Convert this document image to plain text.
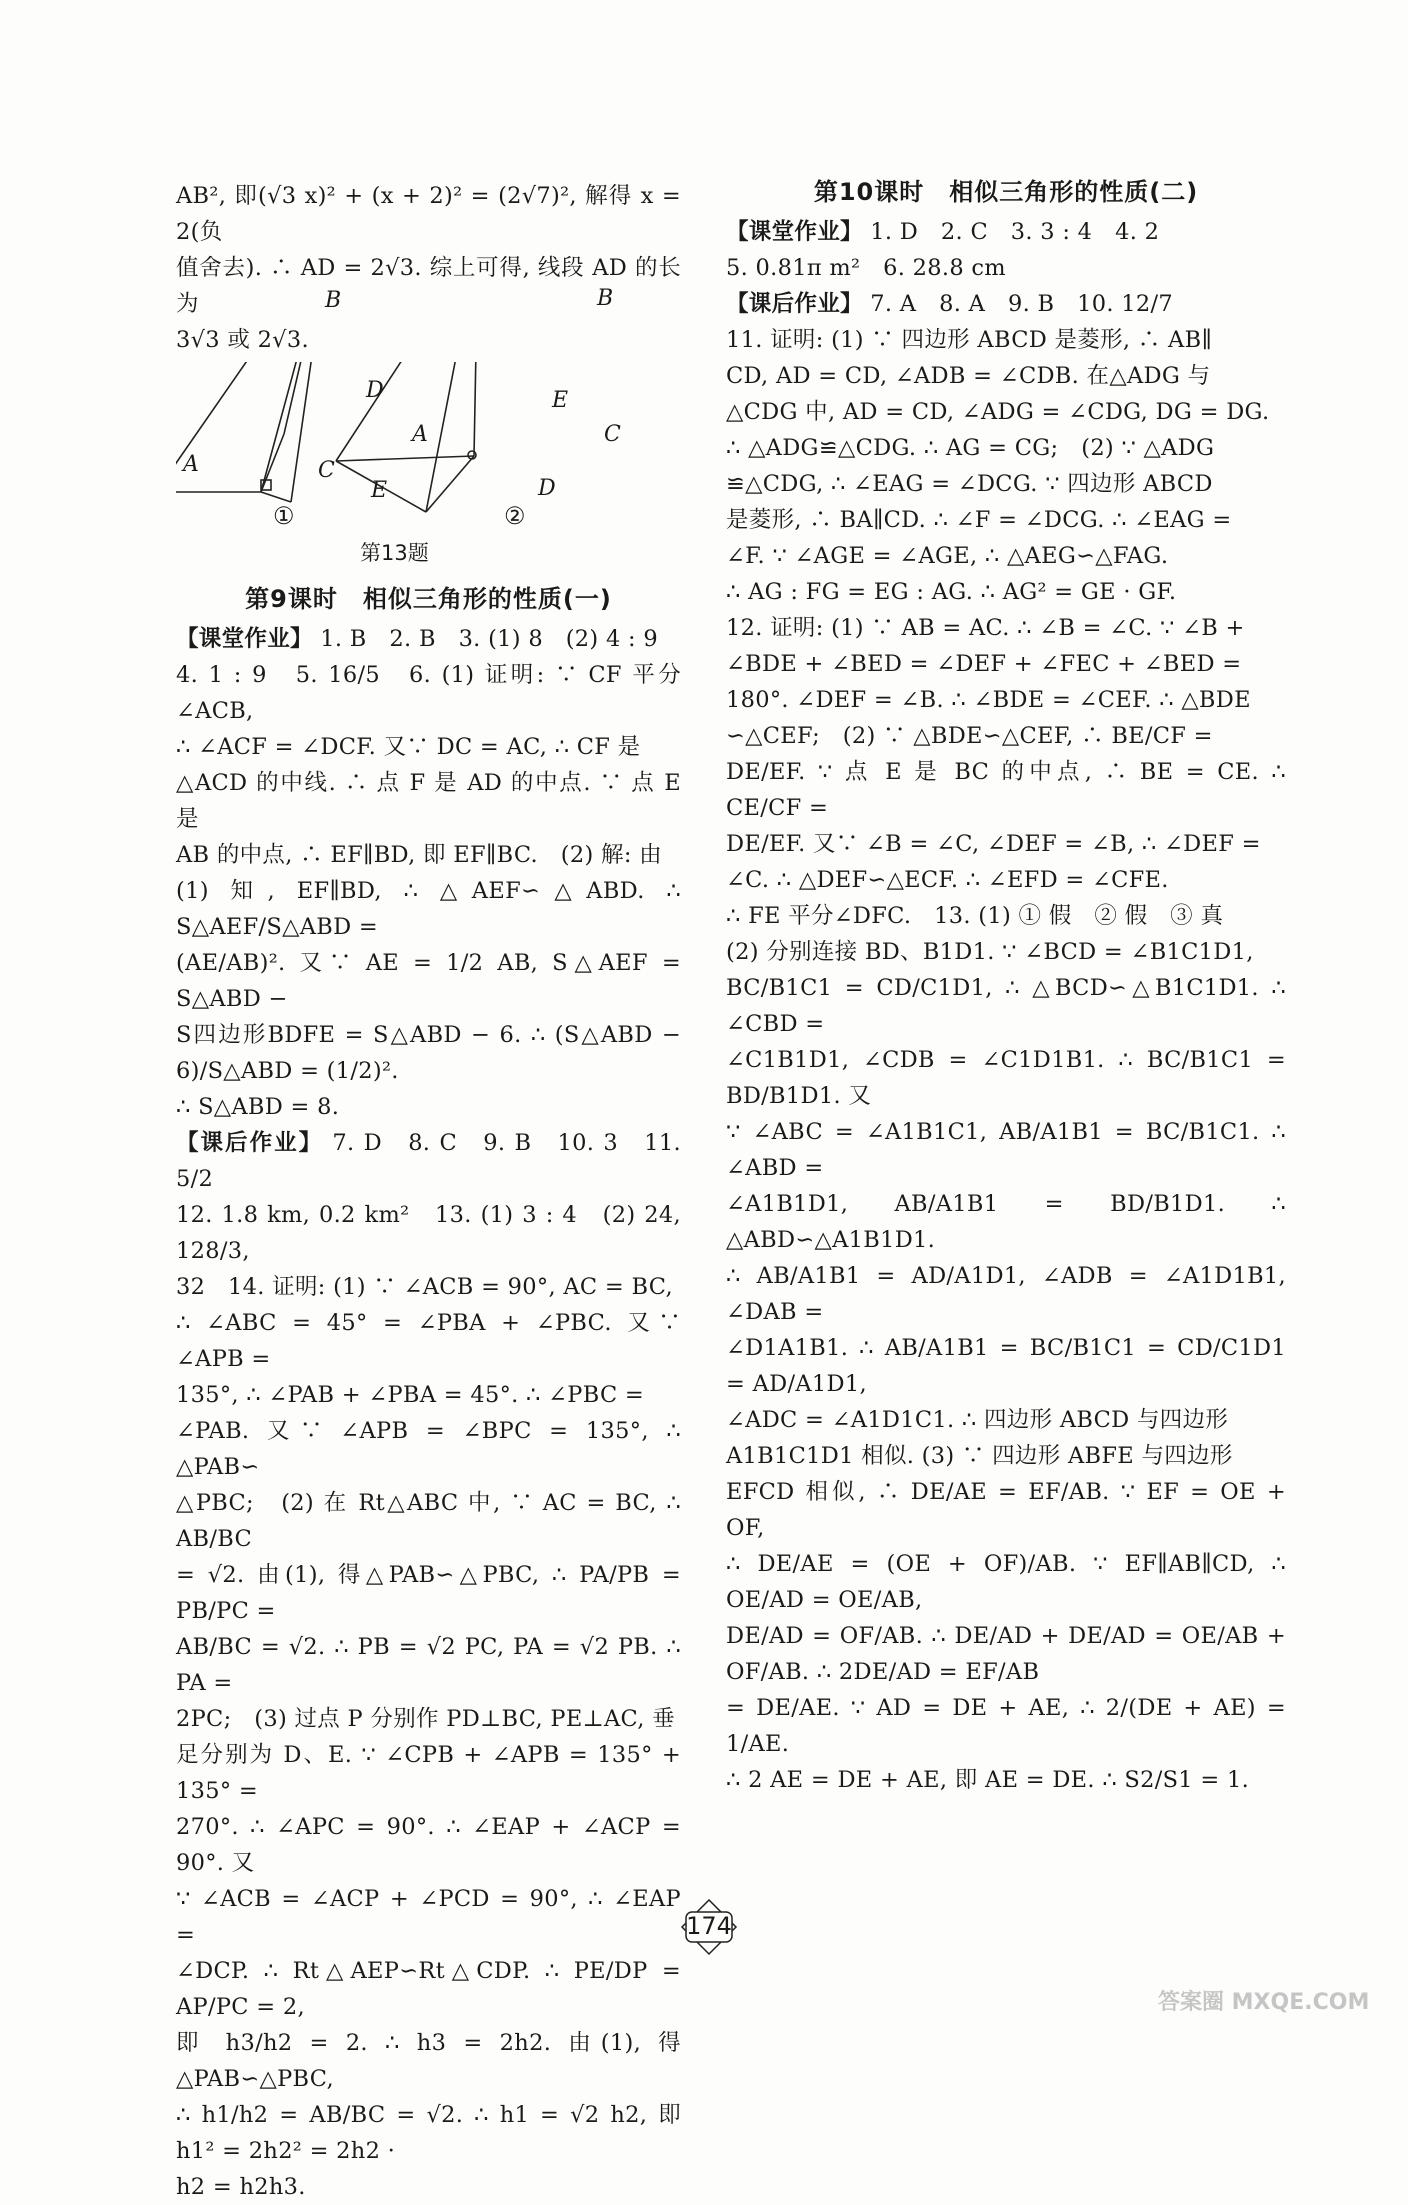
AB², 即(√3 x)² + (x + 2)² = (2√7)², 解得 x = 2(负

值舍去). ∴ AD = 2√3. 综上可得, 线段 AD 的长为

3√3 或 2√3.

B
A	C
D
E
B
A	C
D
E
①	②
第13题
第9课时　相似三角形的性质(一)

【课堂作业】 1. B　2. B　3. (1) 8　(2) 4 : 9

4. 1 : 9　5. 16/5　6. (1) 证明: ∵ CF 平分∠ACB,

∴ ∠ACF = ∠DCF. 又∵ DC = AC, ∴ CF 是

△ACD 的中线. ∴ 点 F 是 AD 的中点. ∵ 点 E 是

AB 的中点, ∴ EF∥BD, 即 EF∥BC.　(2) 解: 由

(1) 知, EF∥BD, ∴ △AEF∽△ABD. ∴ S△AEF/S△ABD =

(AE/AB)². 又∵ AE = 1/2 AB, S△AEF = S△ABD −

S四边形BDFE = S△ABD − 6. ∴ (S△ABD − 6)/S△ABD = (1/2)².

∴ S△ABD = 8.

【课后作业】 7. D　8. C　9. B　10. 3　11. 5/2

12. 1.8 km, 0.2 km²　13. (1) 3 : 4　(2) 24, 128/3,

32　14. 证明: (1) ∵ ∠ACB = 90°, AC = BC,

∴ ∠ABC = 45° = ∠PBA + ∠PBC. 又∵ ∠APB =

135°, ∴ ∠PAB + ∠PBA = 45°. ∴ ∠PBC =

∠PAB. 又∵ ∠APB = ∠BPC = 135°, ∴ △PAB∽

△PBC;　(2) 在 Rt△ABC 中, ∵ AC = BC, ∴ AB/BC

= √2. 由(1), 得△PAB∽△PBC, ∴ PA/PB = PB/PC =

AB/BC = √2. ∴ PB = √2 PC, PA = √2 PB. ∴ PA =

2PC;　(3) 过点 P 分别作 PD⊥BC, PE⊥AC, 垂

足分别为 D、E. ∵ ∠CPB + ∠APB = 135° + 135° =

270°. ∴ ∠APC = 90°. ∴ ∠EAP + ∠ACP = 90°. 又

∵ ∠ACB = ∠ACP + ∠PCD = 90°, ∴ ∠EAP =

∠DCP. ∴ Rt△AEP∽Rt△CDP. ∴ PE/DP = AP/PC = 2,

即 h3/h2 = 2. ∴ h3 = 2h2. 由(1), 得△PAB∽△PBC,

∴ h1/h2 = AB/BC = √2. ∴ h1 = √2 h2, 即 h1² = 2h2² = 2h2 ·

h2 = h2h3.

第10课时　相似三角形的性质(二)

【课堂作业】 1. D　2. C　3. 3 : 4　4. 2

5. 0.81π m²　6. 28.8 cm

【课后作业】 7. A　8. A　9. B　10. 12/7

11. 证明: (1) ∵ 四边形 ABCD 是菱形, ∴ AB∥

CD, AD = CD, ∠ADB = ∠CDB. 在△ADG 与

△CDG 中, AD = CD, ∠ADG = ∠CDG, DG = DG.

∴ △ADG≌△CDG. ∴ AG = CG;　(2) ∵ △ADG

≌△CDG, ∴ ∠EAG = ∠DCG. ∵ 四边形 ABCD

是菱形, ∴ BA∥CD. ∴ ∠F = ∠DCG. ∴ ∠EAG =

∠F. ∵ ∠AGE = ∠AGE, ∴ △AEG∽△FAG.

∴ AG : FG = EG : AG. ∴ AG² = GE · GF.

12. 证明: (1) ∵ AB = AC. ∴ ∠B = ∠C. ∵ ∠B +

∠BDE + ∠BED = ∠DEF + ∠FEC + ∠BED =

180°. ∠DEF = ∠B. ∴ ∠BDE = ∠CEF. ∴ △BDE

∽△CEF;　(2) ∵ △BDE∽△CEF, ∴ BE/CF =

DE/EF. ∵ 点 E 是 BC 的中点, ∴ BE = CE. ∴ CE/CF =

DE/EF. 又∵ ∠B = ∠C, ∠DEF = ∠B, ∴ ∠DEF =

∠C. ∴ △DEF∽△ECF. ∴ ∠EFD = ∠CFE.

∴ FE 平分∠DFC.　13. (1) ① 假　② 假　③ 真

(2) 分别连接 BD、B1D1. ∵ ∠BCD = ∠B1C1D1,

BC/B1C1 = CD/C1D1, ∴ △BCD∽△B1C1D1. ∴ ∠CBD =

∠C1B1D1, ∠CDB = ∠C1D1B1. ∴ BC/B1C1 = BD/B1D1. 又

∵ ∠ABC = ∠A1B1C1, AB/A1B1 = BC/B1C1. ∴ ∠ABD =

∠A1B1D1, AB/A1B1 = BD/B1D1. ∴ △ABD∽△A1B1D1.

∴ AB/A1B1 = AD/A1D1, ∠ADB = ∠A1D1B1, ∠DAB =

∠D1A1B1. ∴ AB/A1B1 = BC/B1C1 = CD/C1D1 = AD/A1D1,

∠ADC = ∠A1D1C1. ∴ 四边形 ABCD 与四边形

A1B1C1D1 相似. (3) ∵ 四边形 ABFE 与四边形

EFCD 相似, ∴ DE/AE = EF/AB. ∵ EF = OE + OF,

∴ DE/AE = (OE + OF)/AB. ∵ EF∥AB∥CD, ∴ OE/AD = OE/AB,

DE/AD = OF/AB. ∴ DE/AD + DE/AD = OE/AB + OF/AB. ∴ 2DE/AD = EF/AB

= DE/AE. ∵ AD = DE + AE, ∴ 2/(DE + AE) = 1/AE.

∴ 2 AE = DE + AE, 即 AE = DE. ∴ S2/S1 = 1.

174
答案圈 MXQE.COM
